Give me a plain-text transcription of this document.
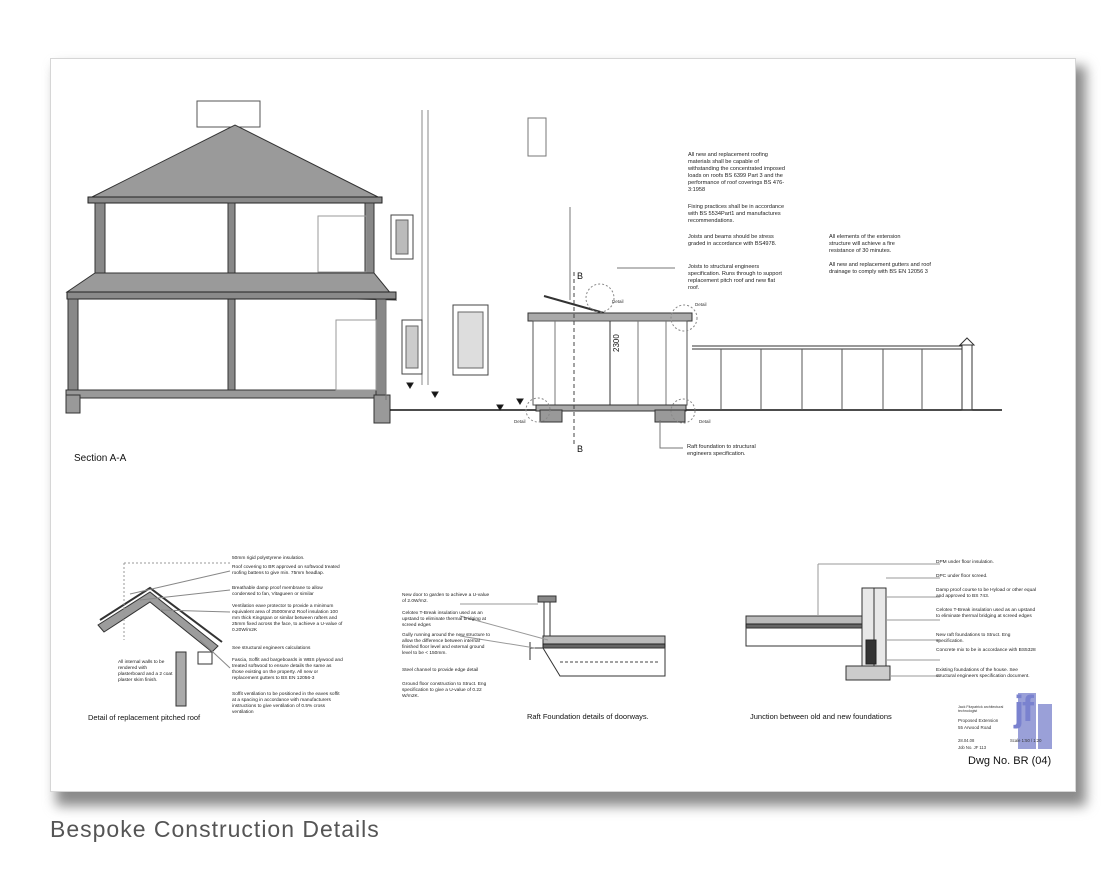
Section A-A
B
B
2300
Detail
Detail
Detail	Detail
Raft foundation to structural engineers specification.
All new and replacement roofing materials shall be capable of withstanding the concentrated imposed loads on roofs BS 6399 Part 3 and the performance of roof coverings BS 476-3:1958
Fixing practices shall be in accordance with BS 5534Part1 and manufactures recommendations.
Joists and beams should be stress graded in accordance with BS4978.
Joists to structural engineers specification. Runs through to support replacement pitch roof and new flat roof.
All elements of the extension structure will achieve a fire resistance of 30 minutes.
All new and replacement gutters and roof drainage to comply with BS EN 12056 3
50mm rigid polystyrene insulation.
Roof covering to BR approved on softwood treated roofing battens to give min. 75mm headlap.
Breathable damp proof membrane to allow condensed to fan, Vitagueen or similar
Ventilation eave protector to provide a minimum equivalent area of 25000mm2 Roof insulation 100 mm thick Kingspan or similar between rafters and 25mm fixed across the face, to achieve a U-value of 0.20W/m2K
See structural engineers calculations
Fascia, Soffit and bargeboards in WBS plywood and treated softwood to ensure details the same as those existing on the property. All new or replacement gutters to BS EN 12056-3
Soffit ventilation to be positioned in the eaves soffit at a spacing in accordance with manufacturers instructions to give ventilation of 0.5% cross ventilation
All internal walls to be rendered with plasterboard and a 2 coat plaster skim finish.
Detail of replacement pitched roof
New door to garden to achieve a U-value of 2.0W/m2.
Celotex T-Break insulation used as an upstand to eliminate thermal bridging at screed edges
Gully running around the new structure to allow the difference between internal finished floor level and external ground level to be < 150mm.
Steel channel to provide edge detail
Ground floor construction to Struct. Eng specification to give a U-value of 0.22 W/m2K.
Raft Foundation details of doorways.
DPM under floor insulation.
DPC under floor screed.
Damp proof course to be Hyload or other equal and approved to BS 743.
Celotex T-Break insulation used as an upstand to eliminate thermal bridging at screed edges
New raft foundations to Struct. Eng specification.
Concrete mix to be in accordance with BS5328
Existing foundations of the house. See structural engineers specification document.
Junction between old and new foundations	jf
Jack Fitzpatrick architectural technologist
Proposed Extension
55 Arwood Road
28.04.08	Scale 1:50 / 1:20
Job No. JF 113
Dwg No. BR (04)
Bespoke Construction Details
